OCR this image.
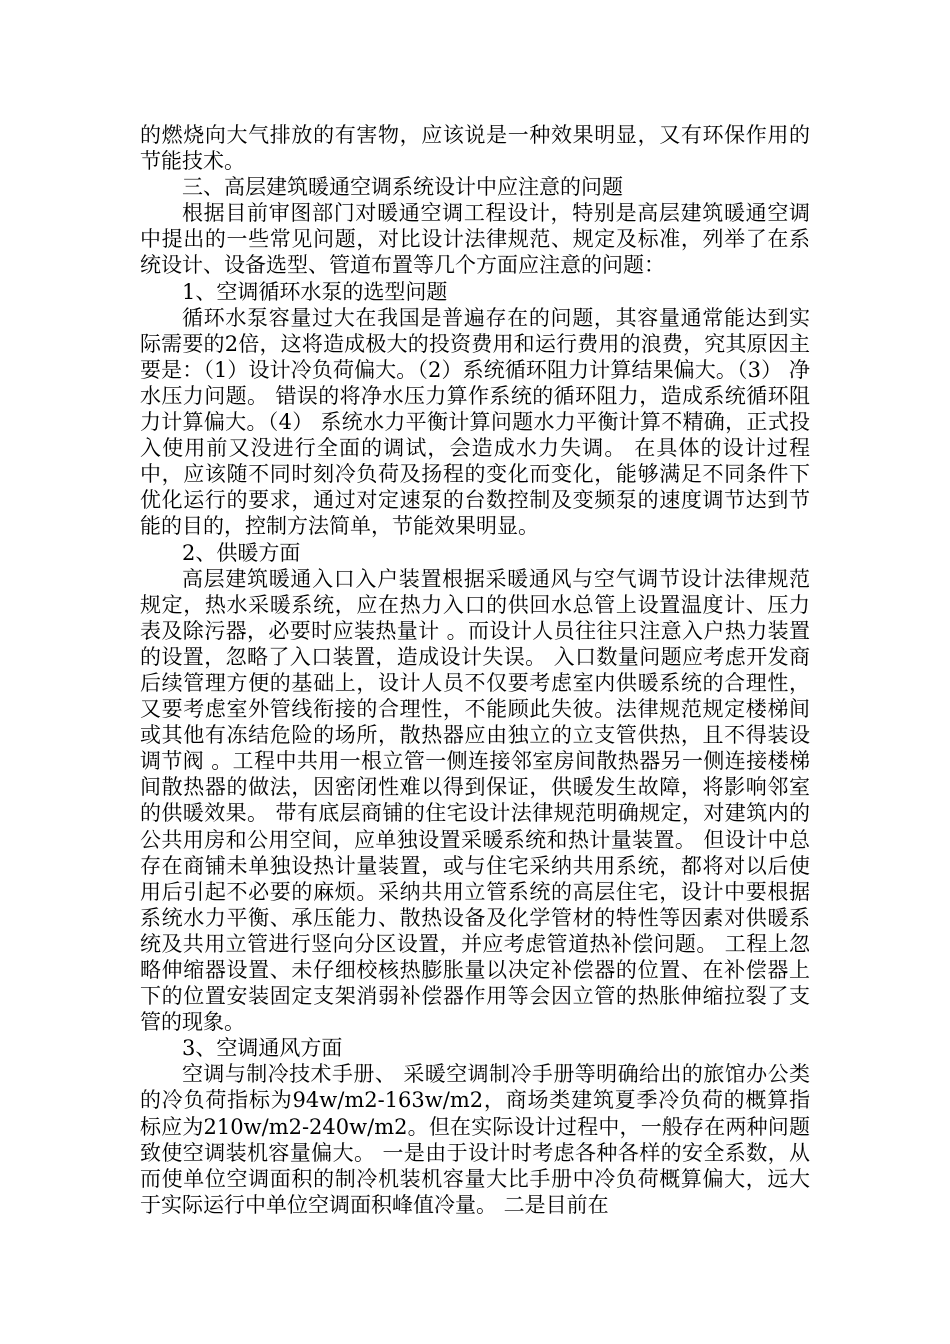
的燃烧向大气排放的有害物，应该说是一种效果明显，又有环保作用的节能技术。

三、高层建筑暖通空调系统设计中应注意的问题

根据目前审图部门对暖通空调工程设计，特别是高层建筑暖通空调中提出的一些常见问题，对比设计法律规范、规定及标准，列举了在系统设计、设备选型、管道布置等几个方面应注意的问题：

1、空调循环水泵的选型问题

循环水泵容量过大在我国是普遍存在的问题，其容量通常能达到实际需要的2倍，这将造成极大的投资费用和运行费用的浪费，究其原因主要是：（1）设计冷负荷偏大。（2）系统循环阻力计算结果偏大。（3） 净水压力问题。 错误的将净水压力算作系统的循环阻力，造成系统循环阻力计算偏大。（4） 系统水力平衡计算问题水力平衡计算不精确，正式投入使用前又没进行全面的调试，会造成水力失调。 在具体的设计过程中，应该随不同时刻冷负荷及扬程的变化而变化，能够满足不同条件下优化运行的要求，通过对定速泵的台数控制及变频泵的速度调节达到节能的目的，控制方法简单，节能效果明显。

2、供暖方面

高层建筑暖通入口入户装置根据采暖通风与空气调节设计法律规范规定，热水采暖系统，应在热力入口的供回水总管上设置温度计、压力表及除污器，必要时应装热量计 。而设计人员往往只注意入户热力装置的设置，忽略了入口装置，造成设计失误。 入口数量问题应考虑开发商后续管理方便的基础上，设计人员不仅要考虑室内供暖系统的合理性，又要考虑室外管线衔接的合理性，不能顾此失彼。法律规范规定楼梯间或其他有冻结危险的场所，散热器应由独立的立支管供热，且不得装设调节阀 。工程中共用一根立管一侧连接邻室房间散热器另一侧连接楼梯间散热器的做法，因密闭性难以得到保证，供暖发生故障，将影响邻室的供暖效果。 带有底层商铺的住宅设计法律规范明确规定，对建筑内的公共用房和公用空间，应单独设置采暖系统和热计量装置。 但设计中总存在商铺未单独设热计量装置，或与住宅采纳共用系统，都将对以后使用后引起不必要的麻烦。采纳共用立管系统的高层住宅，设计中要根据系统水力平衡、承压能力、散热设备及化学管材的特性等因素对供暖系统及共用立管进行竖向分区设置，并应考虑管道热补偿问题。 工程上忽略伸缩器设置、未仔细校核热膨胀量以决定补偿器的位置、在补偿器上下的位置安装固定支架消弱补偿器作用等会因立管的热胀伸缩拉裂了支管的现象。

3、空调通风方面

空调与制冷技术手册、 采暖空调制冷手册等明确给出的旅馆办公类的冷负荷指标为94w/m2-163w/m2，商场类建筑夏季冷负荷的概算指标应为210w/m2-240w/m2。但在实际设计过程中，一般存在两种问题致使空调装机容量偏大。 一是由于设计时考虑各种各样的安全系数，从而使单位空调面积的制冷机装机容量大比手册中冷负荷概算偏大，远大于实际运行中单位空调面积峰值冷量。 二是目前在
